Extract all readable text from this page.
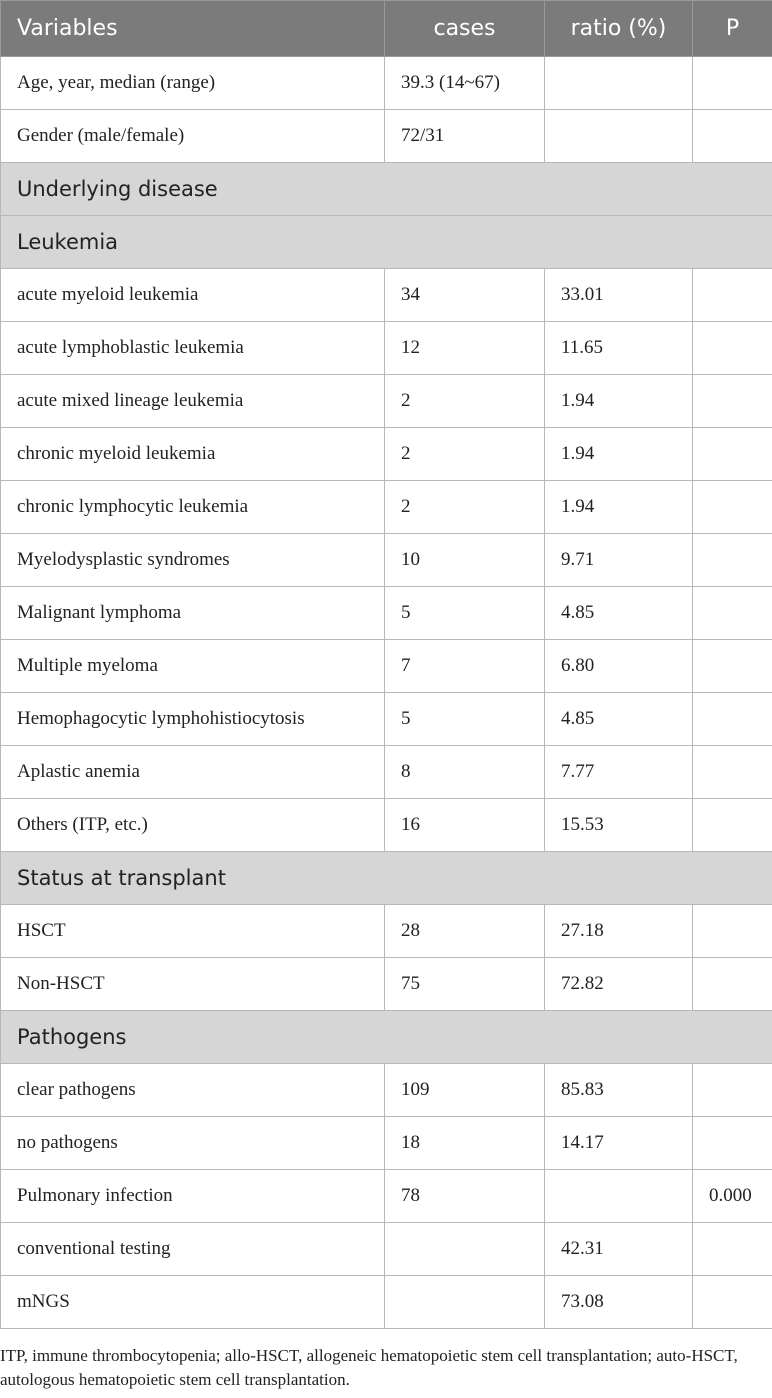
Variables	cases	ratio (%)	P
Age, year, median (range)	39.3 (14~67)		
Gender (male/female)	72/31		
Underlying disease			
Leukemia			
acute myeloid leukemia	34	33.01	
acute lymphoblastic leukemia	12	11.65	
acute mixed lineage leukemia	2	1.94	
chronic myeloid leukemia	2	1.94	
chronic lymphocytic leukemia	2	1.94	
Myelodysplastic syndromes	10	9.71	
Malignant lymphoma	5	4.85	
Multiple myeloma	7	6.80	
Hemophagocytic lymphohistiocytosis	5	4.85	
Aplastic anemia	8	7.77	
Others (ITP, etc.)	16	15.53	
Status at transplant			
HSCT	28	27.18	
Non-HSCT	75	72.82	
Pathogens			
clear pathogens	109	85.83	
no pathogens	18	14.17	
Pulmonary infection	78		0.000
conventional testing		42.31	
mNGS		73.08	
ITP, immune thrombocytopenia; allo-HSCT, allogeneic hematopoietic stem cell transplantation; auto-HSCT, autologous hematopoietic stem cell transplantation.
